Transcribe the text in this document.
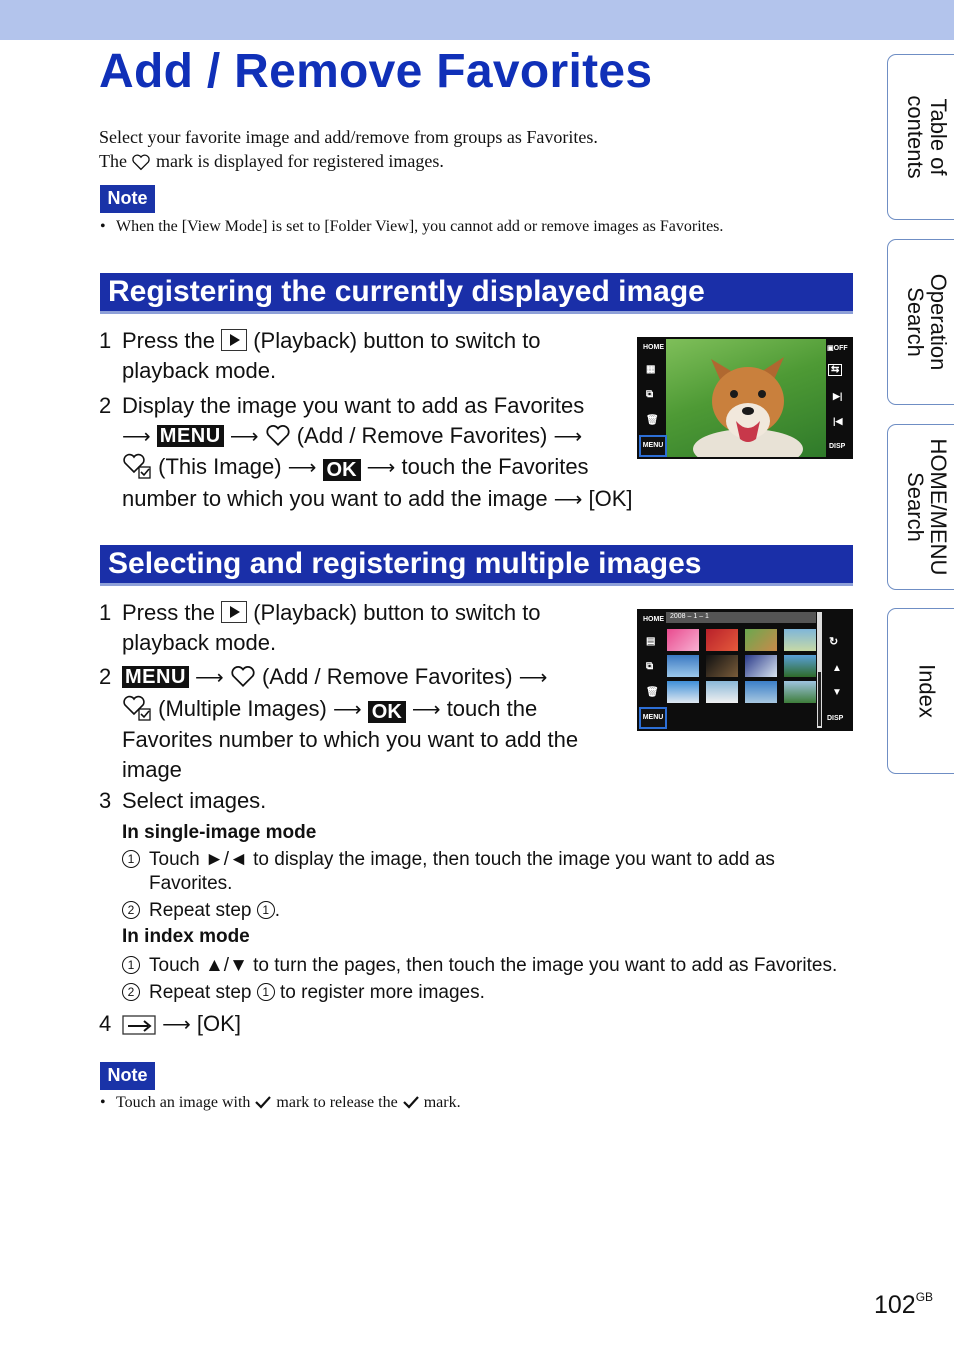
Add / Remove Favorites

Select your favorite image and add/remove from groups as Favorites.

The mark is displayed for registered images.

Note
• When the [View Mode] is set to [Folder View], you cannot add or remove images as Favorites.
Registering the currently displayed image
1 Press the (Playback) button to switch to
playback mode.
2 Display the image you want to add as Favorites
⟶ MENU ⟶ (Add / Remove Favorites) ⟶
(This Image) ⟶ OK ⟶ touch the Favorites
number to which you want to add the image ⟶ [OK]
HOME
▦
⧉
🗑
MENU
▣OFF
⇆
▶|
|◀
DISP
Selecting and registering multiple images
1 Press the (Playback) button to switch to
playback mode.
2 MENU ⟶ (Add / Remove Favorites) ⟶
(Multiple Images) ⟶ OK ⟶ touch the
Favorites number to which you want to add the
image
HOME 2008 – 1 – 1
▤
⧉
🗑
MENU
↻
▲
▼
DISP
3 Select images.
In single-image mode
1 Touch ►/◄ to display the image, then touch the image you want to add as
Favorites.
2 Repeat step 1 .
In index mode
1 Touch ▲/▼ to turn the pages, then touch the image you want to add as Favorites.
2 Repeat step 1 to register more images.
4	⟶ [OK]
Note
• Touch an image with mark to release the mark.
Table of
contents
Operation
Search
HOME/MENU
Search
Index
$102^{GB}$
